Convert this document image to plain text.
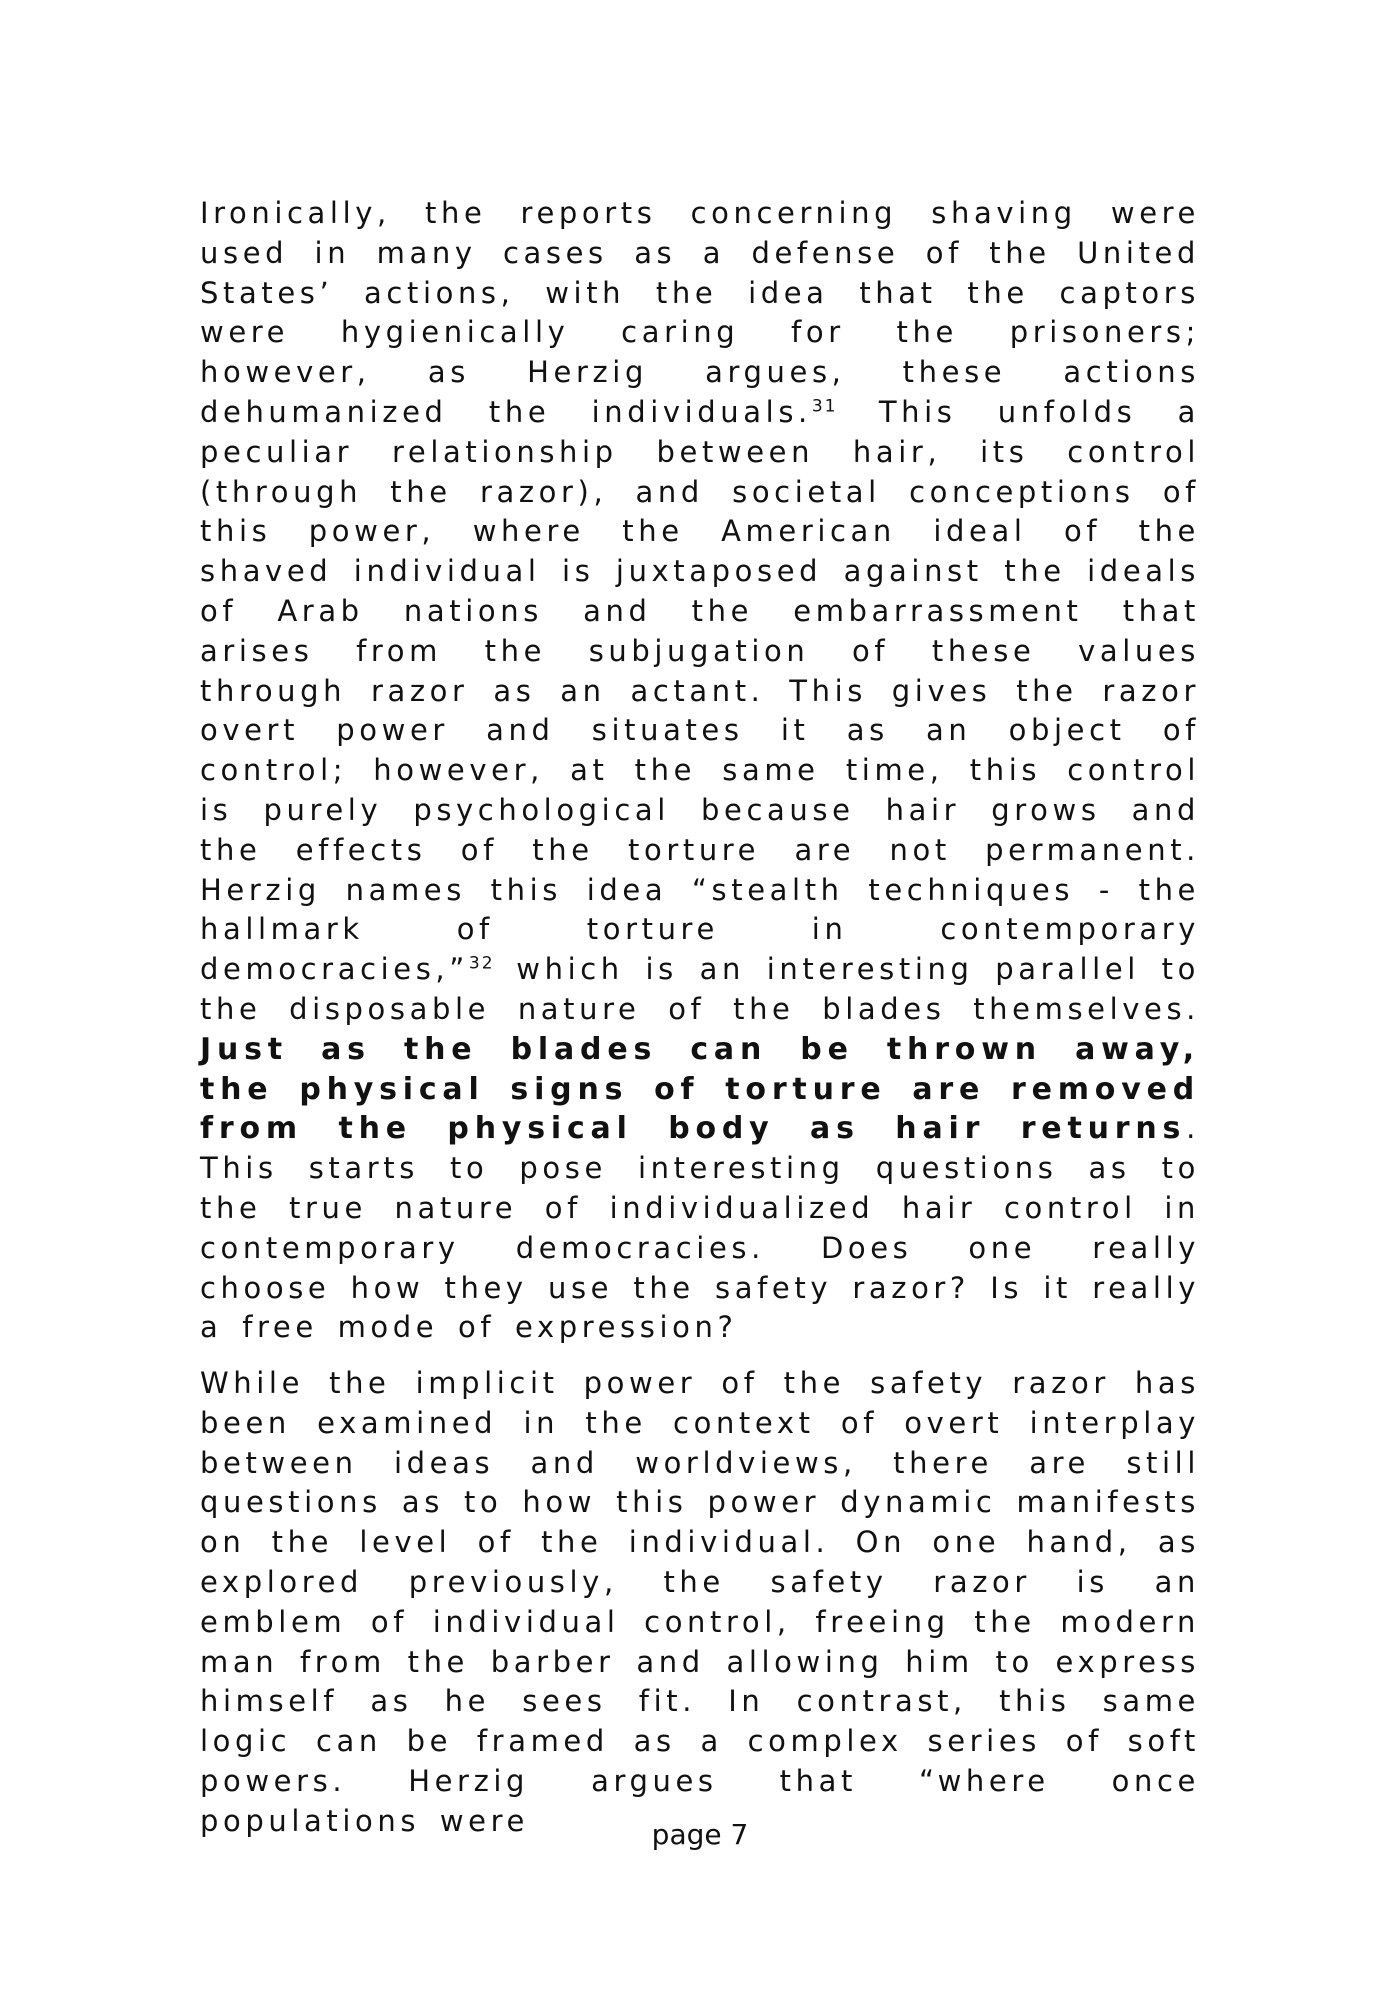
Ironically, the reports concerning shaving were used in many cases as a defense of the United States’ actions, with the idea that the captors were hygienically caring for the prisoners; however, as Herzig argues, these actions dehumanized the individuals.$^{31}$ This unfolds a peculiar relationship between hair, its control (through the razor), and societal conceptions of this power, where the American ideal of the shaved individual is juxtaposed against the ideals of Arab nations and the embarrassment that arises from the subjugation of these values through razor as an actant. This gives the razor overt power and situates it as an object of control; however, at the same time, this control is purely psychological because hair grows and the effects of the torture are not permanent. Herzig names this idea “stealth techniques - the hallmark of torture in contemporary democracies,”$^{32}$ which is an interesting parallel to the disposable nature of the blades themselves. Just as the blades can be thrown away, the physical signs of torture are removed from the physical body as hair returns. This starts to pose interesting questions as to the true nature of individualized hair control in contemporary democracies. Does one really choose how they use the safety razor? Is it really a free mode of expression?

While the implicit power of the safety razor has been examined in the context of overt interplay between ideas and worldviews, there are still questions as to how this power dynamic manifests on the level of the individual. On one hand, as explored previously, the safety razor is an emblem of individual control, freeing the modern man from the barber and allowing him to express himself as he sees fit. In contrast, this same logic can be framed as a complex series of soft powers. Herzig argues that “where once populations were	page 7
